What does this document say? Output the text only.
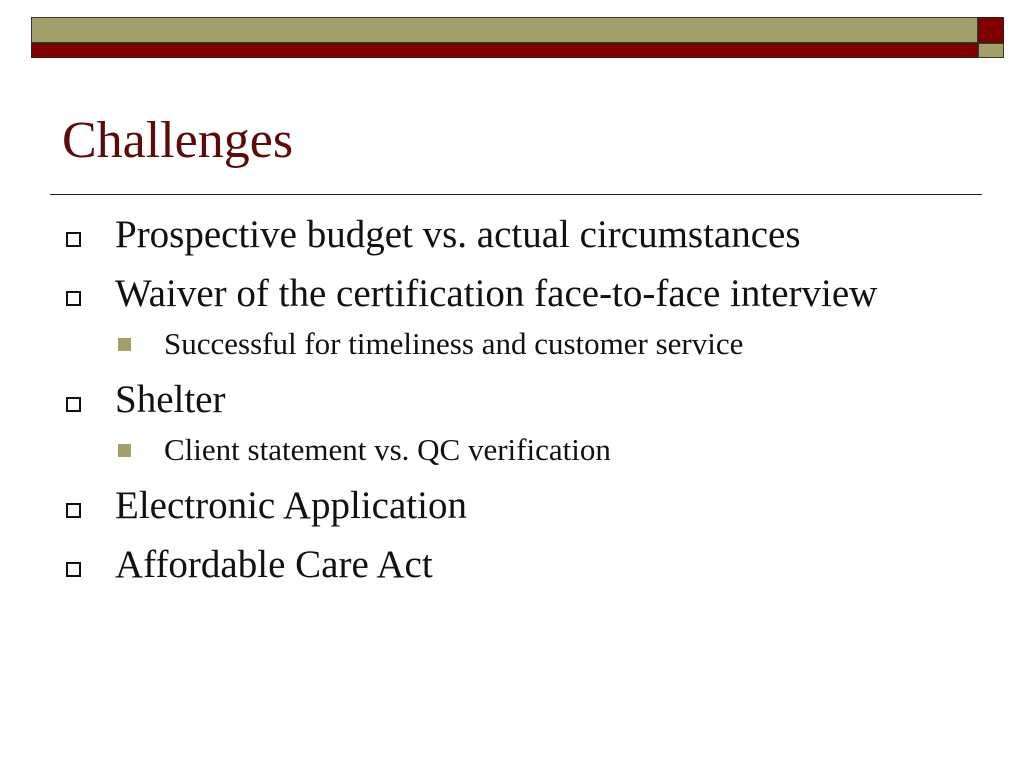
Challenges
Prospective budget vs. actual circumstances
Waiver of the certification face-to-face interview
Successful for timeliness and customer service
Shelter
Client statement vs. QC verification
Electronic Application
Affordable Care Act
